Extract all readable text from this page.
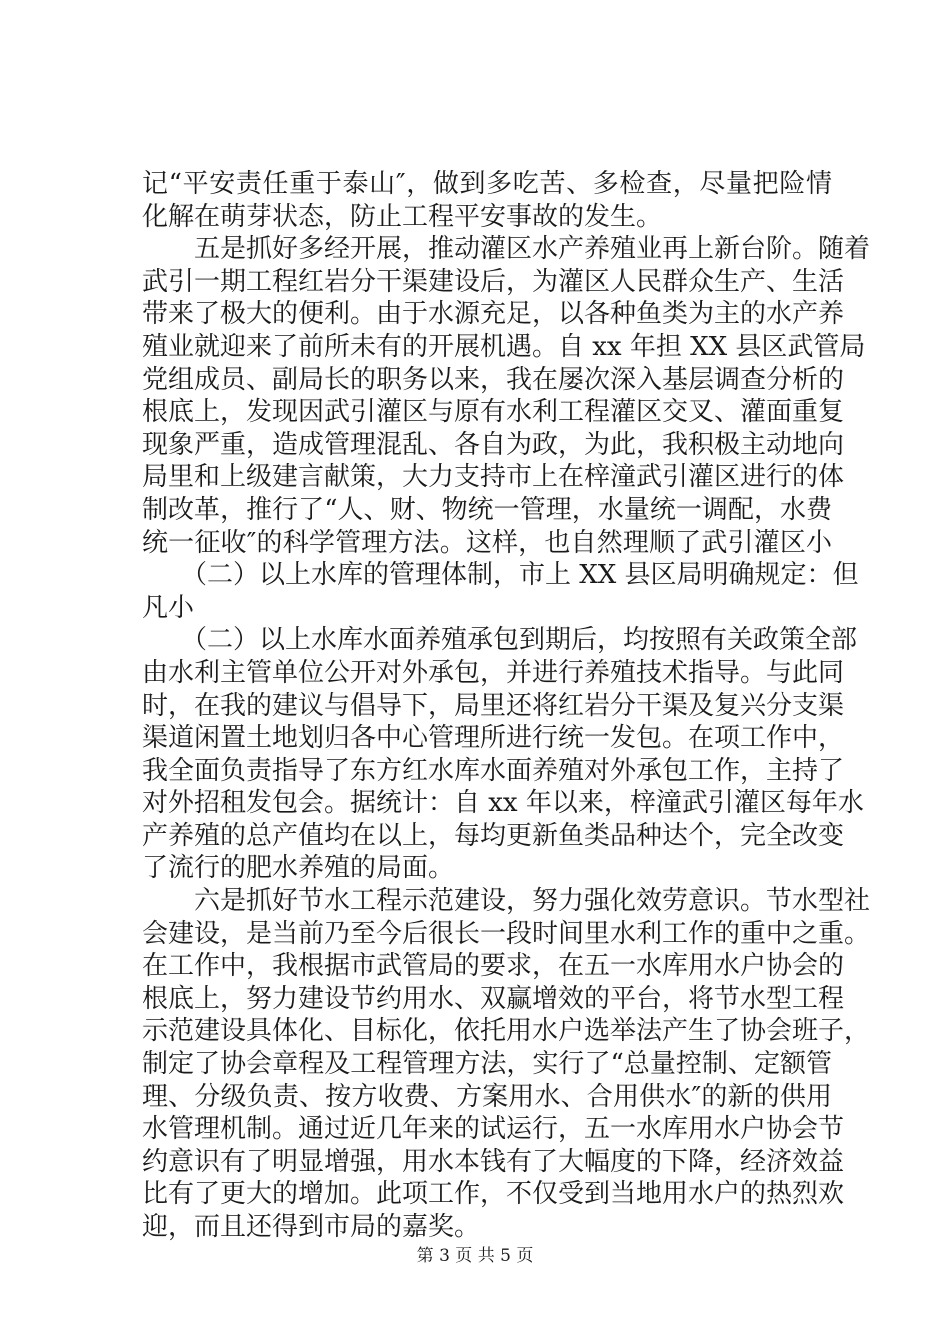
记“平安责任重于泰山″，做到多吃苦、多检查，尽量把险情
化解在萌芽状态，防止工程平安事故的发生。
　　五是抓好多经开展，推动灌区水产养殖业再上新台阶。随着
武引一期工程红岩分干渠建设后，为灌区人民群众生产、生活
带来了极大的便利。由于水源充足，以各种鱼类为主的水产养
殖业就迎来了前所未有的开展机遇。自 xx 年担 XX 县区武管局
党组成员、副局长的职务以来，我在屡次深入基层调查分析的
根底上，发现因武引灌区与原有水利工程灌区交叉、灌面重复
现象严重，造成管理混乱、各自为政，为此，我积极主动地向
局里和上级建言献策，大力支持市上在梓潼武引灌区进行的体
制改革，推行了“人、财、物统一管理，水量统一调配，水费
统一征收″的科学管理方法。这样，也自然理顺了武引灌区小
　　（二）以上水库的管理体制，市上 XX 县区局明确规定：但
凡小
　　（二）以上水库水面养殖承包到期后，均按照有关政策全部
由水利主管单位公开对外承包，并进行养殖技术指导。与此同
时，在我的建议与倡导下，局里还将红岩分干渠及复兴分支渠
渠道闲置土地划归各中心管理所进行统一发包。在项工作中，
我全面负责指导了东方红水库水面养殖对外承包工作，主持了
对外招租发包会。据统计：自 xx 年以来，梓潼武引灌区每年水
产养殖的总产值均在以上，每均更新鱼类品种达个，完全改变
了流行的肥水养殖的局面。
　　六是抓好节水工程示范建设，努力强化效劳意识。节水型社
会建设，是当前乃至今后很长一段时间里水利工作的重中之重。
在工作中，我根据市武管局的要求，在五一水库用水户协会的
根底上，努力建设节约用水、双赢增效的平台，将节水型工程
示范建设具体化、目标化，依托用水户选举法产生了协会班子，
制定了协会章程及工程管理方法，实行了“总量控制、定额管
理、分级负责、按方收费、方案用水、合用供水″的新的供用
水管理机制。通过近几年来的试运行，五一水库用水户协会节
约意识有了明显增强，用水本钱有了大幅度的下降，经济效益
比有了更大的增加。此项工作，不仅受到当地用水户的热烈欢
迎，而且还得到市局的嘉奖。
第 3 页 共 5 页
